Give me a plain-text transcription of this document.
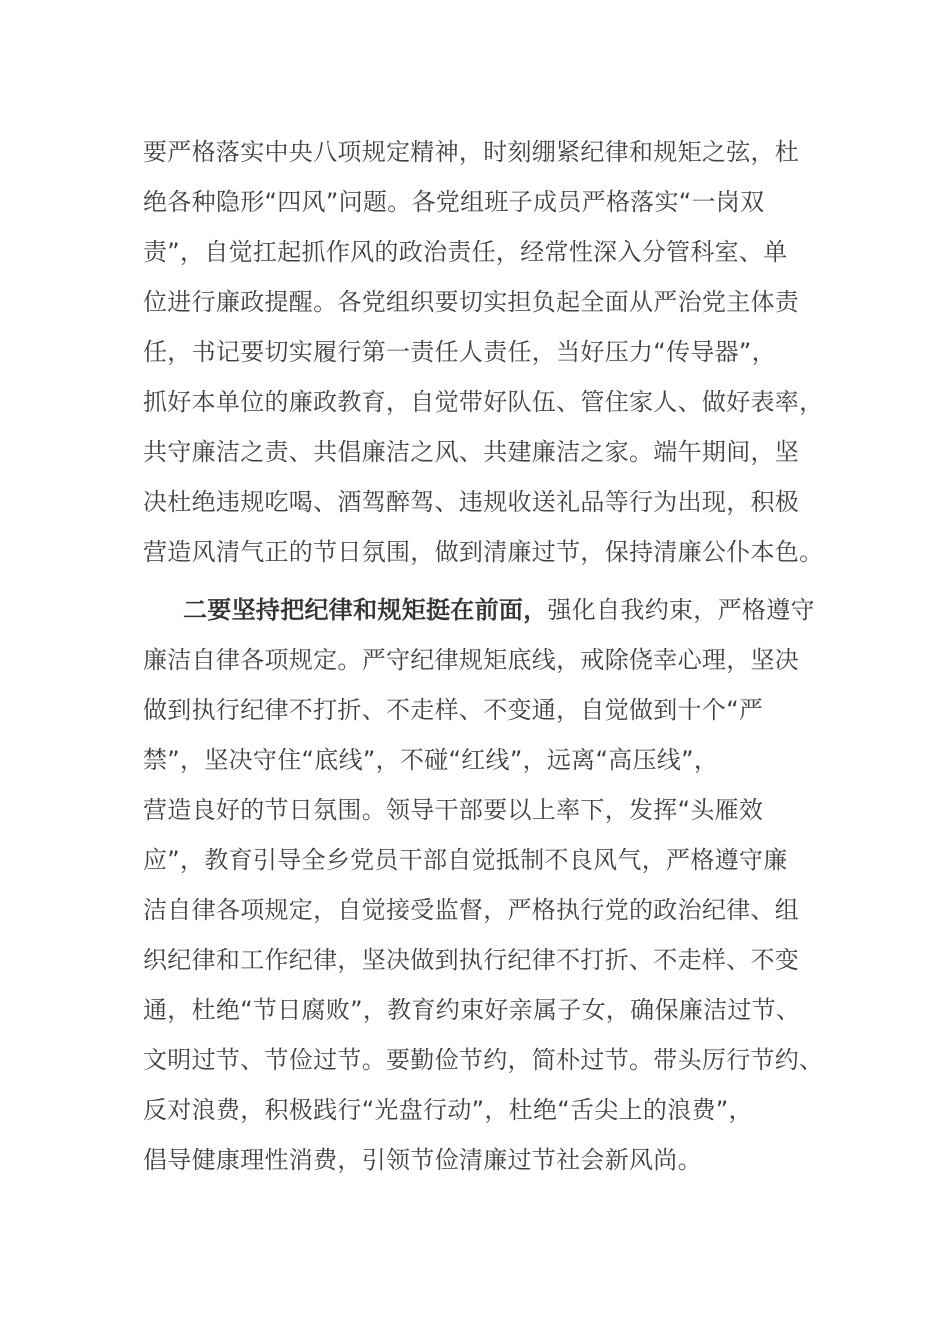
要严格落实中央八项规定精神，时刻绷紧纪律和规矩之弦，杜
绝各种隐形“四风”问题。各党组班子成员严格落实“一岗双
责”，自觉扛起抓作风的政治责任，经常性深入分管科室、单
位进行廉政提醒。各党组织要切实担负起全面从严治党主体责
任，书记要切实履行第一责任人责任，当好压力“传导器”，
抓好本单位的廉政教育，自觉带好队伍、管住家人、做好表率，
共守廉洁之责、共倡廉洁之风、共建廉洁之家。端午期间，坚
决杜绝违规吃喝、酒驾醉驾、违规收送礼品等行为出现，积极
营造风清气正的节日氛围，做到清廉过节，保持清廉公仆本色。
二要坚持把纪律和规矩挺在前面，强化自我约束，严格遵守
廉洁自律各项规定。严守纪律规矩底线，戒除侥幸心理，坚决
做到执行纪律不打折、不走样、不变通，自觉做到十个“严
禁”，坚决守住“底线”，不碰“红线”，远离“高压线”，
营造良好的节日氛围。领导干部要以上率下，发挥“头雁效
应”，教育引导全乡党员干部自觉抵制不良风气，严格遵守廉
洁自律各项规定，自觉接受监督，严格执行党的政治纪律、组
织纪律和工作纪律，坚决做到执行纪律不打折、不走样、不变
通，杜绝“节日腐败”，教育约束好亲属子女，确保廉洁过节、
文明过节、节俭过节。要勤俭节约，简朴过节。带头厉行节约、
反对浪费，积极践行“光盘行动”，杜绝“舌尖上的浪费”，
倡导健康理性消费，引领节俭清廉过节社会新风尚。
